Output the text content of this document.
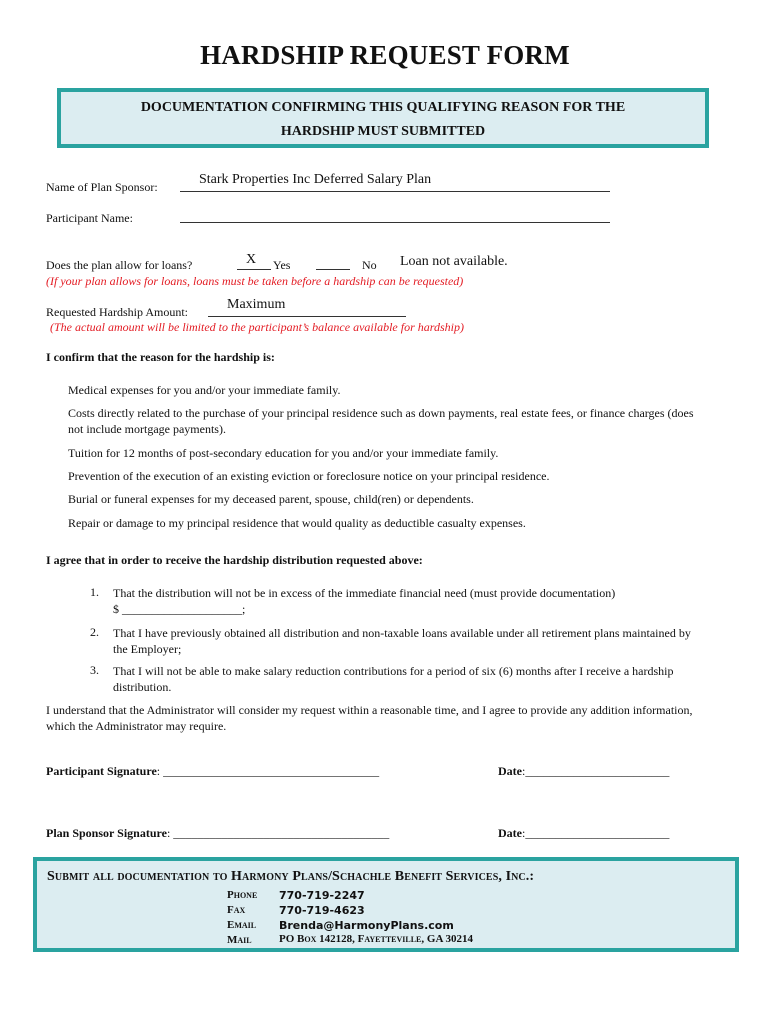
HARDSHIP REQUEST FORM
DOCUMENTATION CONFIRMING THIS QUALIFYING REASON FOR THE
HARDSHIP MUST SUBMITTED
Name of Plan Sponsor:	Stark Properties Inc Deferred Salary Plan
Participant Name:
Does the plan allow for loans?	X Yes	No Loan not available.
(If your plan allows for loans, loans must be taken before a hardship can be requested)
Requested Hardship Amount:	Maximum
(The actual amount will be limited to the participant’s balance available for hardship)
I confirm that the reason for the hardship is:
Medical expenses for you and/or your immediate family.
Costs directly related to the purchase of your principal residence such as down payments, real estate fees, or finance charges (does not include mortgage payments).
Tuition for 12 months of post-secondary education for you and/or your immediate family.
Prevention of the execution of an existing eviction or foreclosure notice on your principal residence.
Burial or funeral expenses for my deceased parent, spouse, child(ren) or dependents.
Repair or damage to my principal residence that would quality as deductible casualty expenses.
I agree that in order to receive the hardship distribution requested above:
1. That the distribution will not be in excess of the immediate financial need (must provide documentation)
$ ____________________;
2. That I have previously obtained all distribution and non-taxable loans available under all retirement plans maintained by the Employer;
3. That I will not be able to make salary reduction contributions for a period of six (6) months after I receive a hardship distribution.
I understand that the Administrator will consider my request within a reasonable time, and I agree to provide any addition information, which the Administrator may require.
Participant Signature: ____________________________________	Date:________________________
Plan Sponsor Signature: ____________________________________	Date:________________________
Submit all documentation to Harmony Plans/Schachle Benefit Services, Inc.:
Phone 770-719-2247
Fax	770-719-4623
Email Brenda@HarmonyPlans.com
Mail PO Box 142128, Fayetteville, GA 30214
